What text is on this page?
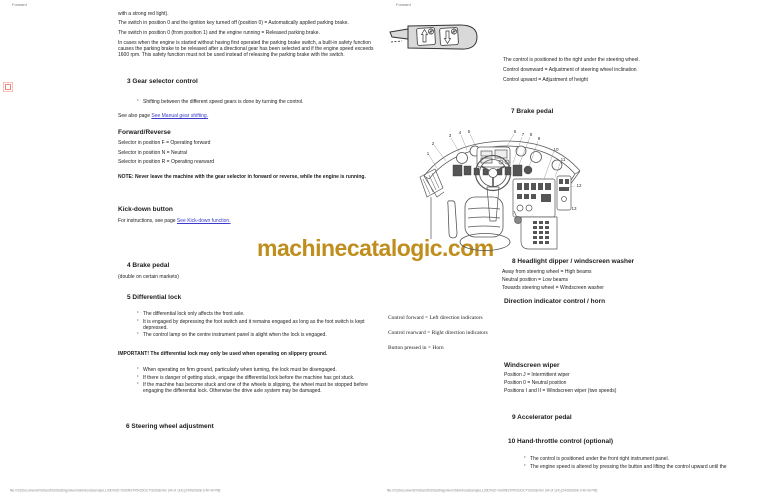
machinecatalogic.com
Forward
with a strong red light).
The switch in position 0 and the ignition key turned off (position 0) = Automatically applied parking brake.
The switch in position 0 (from position 1) and the engine running = Released parking brake.
In cases when the engine is started without having first operated the parking brake switch, a built-in safety function causes the parking brake to be released after a directional gear has been selected and if the engine speed exceeds 1600 rpm. This safety function must not be used instead of releasing the parking brake with the switch.
3 Gear selector control
· Shifting between the different speed gears is done by turning the control.
See also page See Manual gear shifting.
Forward/Reverse
Selector in position F = Operating forward
Selector in position N = Neutral
Selector in position R = Operating rearward
NOTE: Never leave the machine with the gear selector in forward or reverse, while the engine is running.
Kick-down button
For instructions, see page See Kick-down function.
4 Brake pedal
(double on certain markets)
5 Differential lock
· The differential lock only affects the front axle.
· It is engaged by depressing the foot switch and it remains engaged as long as the foot switch is kept depressed.
· The control lamp on the centre instrument panel is alight when the lock is engaged.
IMPORTANT! The differential lock may only be used when operating on slippery ground.
· When operating on firm ground, particularly when turning, the lock must be disengaged.
· If there is danger of getting stuck, engage the differential lock before the machine has got stuck.
· If the machine has become stuck and one of the wheels is slipping, the wheel must be stopped before engaging the differential lock. Otherwise the drive axle system may be damaged.
6 Steering wheel adjustment
file:///C|/Documents%20and%20Settings/Hem/Skrivbord/sampleL120D%20-%20INSTR%20OCT%2008.htm (44 of 114) [24/09/2008 3:40:49 PM]
Forward
The control is positioned to the right under the steering wheel.
Control downward = Adjustment of steering wheel inclination
Control upward = Adjustment of height
7 Brake pedal
1
2
3
4 5	6
7 8
9
10
11
12
13
8 Headlight dipper / windscreen washer
Away from steering wheel = High beams
Neutral position = Low beams
Towards steering wheel = Windscreen washer
Direction indicator control / horn
Control forward = Left direction indicators
Control rearward = Right direction indicators
Button pressed in = Horn
Windscreen wiper
Position J = Intermittent wiper
Position 0 = Neutral position
Positions I and II = Windscreen wiper (two speeds)
9 Accelerator pedal
10 Hand-throttle control (optional)
· The control is positioned under the front right instrument panel.
· The engine speed is altered by pressing the button and lifting the control upward until the
file:///C|/Documents%20and%20Settings/Hem/Skrivbord/sampleL120D%20-%20INSTR%20OCT%2008.htm (44 of 114) [24/09/2008 3:40:49 PM]
